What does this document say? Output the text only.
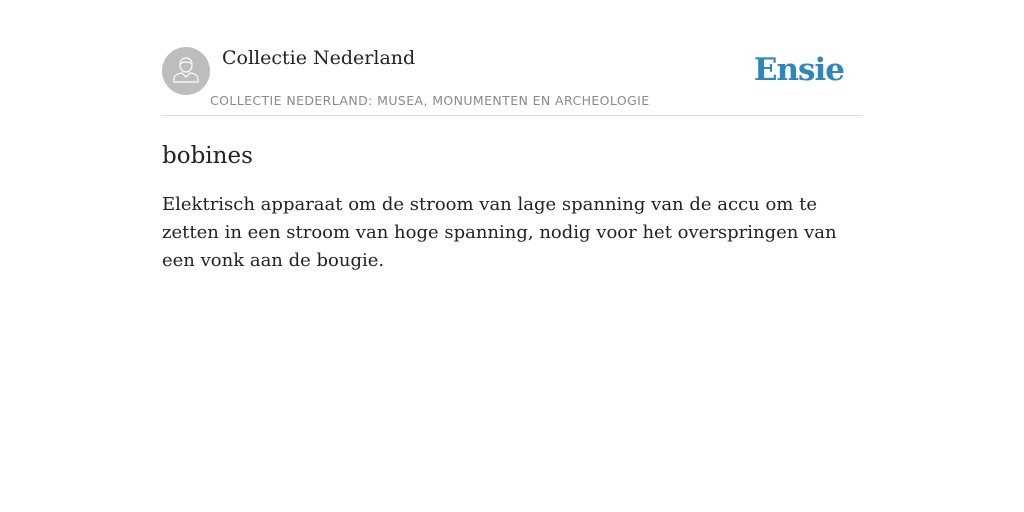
Collectie Nederland
COLLECTIE NEDERLAND: MUSEA, MONUMENTEN EN ARCHEOLOGIE
Ensie
bobines

Elektrisch apparaat om de stroom van lage spanning van de accu om te zetten in een stroom van hoge spanning, nodig voor het overspringen van een vonk aan de bougie.
